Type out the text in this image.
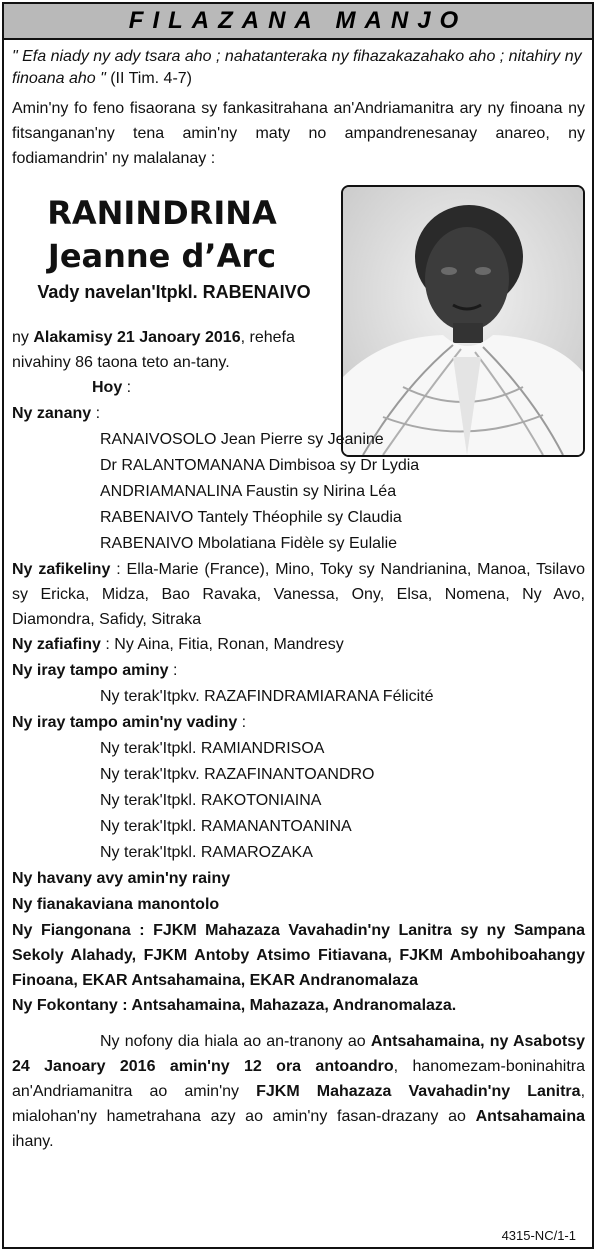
FILAZANA MANJO
" Efa niady ny ady tsara aho ; nahatanteraka ny fihazakazahako aho ; nitahiry ny finoana aho " (II Tim. 4-7)
Amin'ny fo feno fisaorana sy fankasitrahana an'Andriamanitra ary ny finoana ny fitsanganan'ny tena amin'ny maty no ampandrenesanay anareo, ny fodiamandrin' ny malalanay :
RANINDRINA
Jeanne d’Arc
Vady navelan'Itpkl. RABENAIVO
ny Alakamisy 21 Janoary 2016, rehefa nivahiny 86 taona teto an-tany.
Hoy :
Ny zanany :
RANAIVOSOLO Jean Pierre sy Jeanine
Dr RALANTOMANANA Dimbisoa sy Dr Lydia
ANDRIAMANALINA Faustin sy Nirina Léa
RABENAIVO Tantely Théophile sy Claudia
RABENAIVO Mbolatiana Fidèle sy Eulalie
Ny zafikeliny : Ella-Marie (France), Mino, Toky sy Nandrianina, Manoa, Tsilavo sy Ericka, Midza, Bao Ravaka, Vanessa, Ony, Elsa, Nomena, Ny Avo, Diamondra, Safidy, Sitraka
Ny zafiafiny : Ny Aina, Fitia, Ronan, Mandresy
Ny iray tampo aminy :
Ny terak'Itpkv. RAZAFINDRAMIARANA Félicité
Ny iray tampo amin'ny vadiny :
Ny terak'Itpkl. RAMIANDRISOA
Ny terak'Itpkv. RAZAFINANTOANDRO
Ny terak'Itpkl. RAKOTONIAINA
Ny terak'Itpkl. RAMANANTOANINA
Ny terak'Itpkl. RAMAROZAKA
Ny havany avy amin'ny rainy
Ny fianakaviana manontolo
Ny Fiangonana : FJKM Mahazaza Vavahadin'ny Lanitra sy ny Sampana Sekoly Alahady, FJKM Antoby Atsimo Fitiavana, FJKM Ambohiboahangy Finoana, EKAR Antsahamaina, EKAR Andranomalaza
Ny Fokontany : Antsahamaina, Mahazaza, Andranomalaza.
Ny nofony dia hiala ao an-tranony ao Antsahamaina, ny Asabotsy 24 Janoary 2016 amin'ny 12 ora antoandro, hanomezam-boninahitra an'Andriamanitra ao amin'ny FJKM Mahazaza Vavahadin'ny Lanitra, mialohan'ny hametrahana azy ao amin'ny fasan-drazany ao Antsahamaina ihany.
4315-NC/1-1
